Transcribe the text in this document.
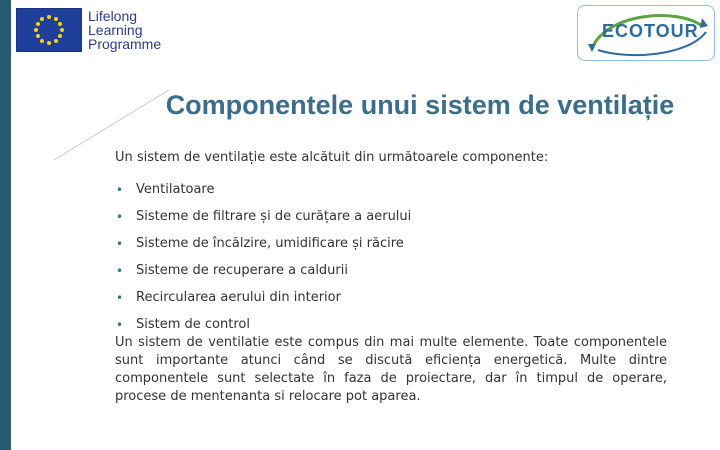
Lifelong
Learning
Programme
ECOTOUR
Componentele unui sistem de ventilație
Un sistem de ventilație este alcătuit din următoarele componente:
• Ventilatoare
• Sisteme de filtrare și de curățare a aerului
• Sisteme de încălzire, umidificare și răcire
• Sisteme de recuperare a caldurii
• Recircularea aerului din interior
• Sistem de control
Un sistem de ventilatie este compus din mai multe elemente. Toate componentele sunt importante atunci când se discută eficiența energetică. Multe dintre componentele sunt selectate în faza de proiectare, dar în timpul de operare, procese de mentenanta si relocare pot aparea.
